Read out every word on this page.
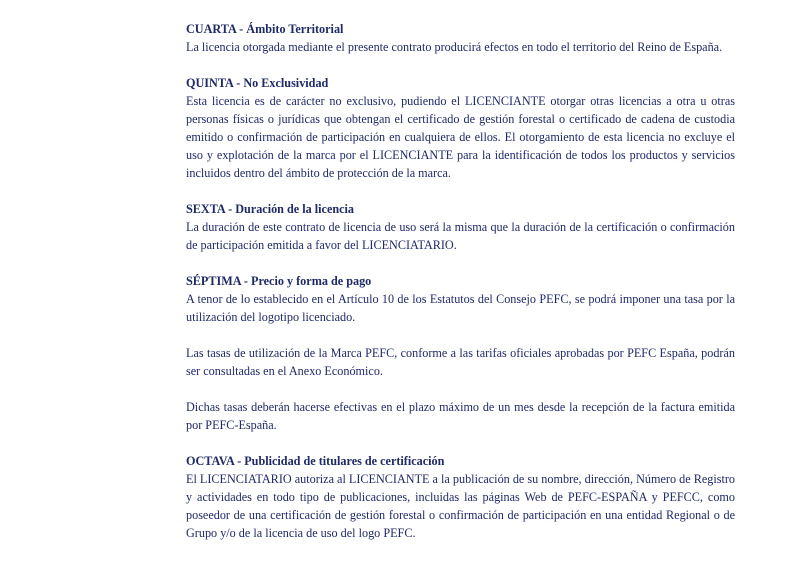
CUARTA - Ámbito Territorial

La licencia otorgada mediante el presente contrato producirá efectos en todo el territorio del Reino de España.

QUINTA - No Exclusividad

Esta licencia es de carácter no exclusivo, pudiendo el LICENCIANTE otorgar otras licencias a otra u otras personas físicas o jurídicas que obtengan el certificado de gestión forestal o certificado de cadena de custodia emitido o confirmación de participación en cualquiera de ellos. El otorgamiento de esta licencia no excluye el uso y explotación de la marca por el LICENCIANTE para la identificación de todos los productos y servicios incluidos dentro del ámbito de protección de la marca.

SEXTA - Duración de la licencia

La duración de este contrato de licencia de uso será la misma que la duración de la certificación o confirmación de participación emitida a favor del LICENCIATARIO.

SÉPTIMA - Precio y forma de pago

A tenor de lo establecido en el Artículo 10 de los Estatutos del Consejo PEFC, se podrá imponer una tasa por la utilización del logotipo licenciado.

Las tasas de utilización de la Marca PEFC, conforme a las tarifas oficiales aprobadas por PEFC España, podrán ser consultadas en el Anexo Económico.

Dichas tasas deberán hacerse efectivas en el plazo máximo de un mes desde la recepción de la factura emitida por PEFC-España.

OCTAVA - Publicidad de titulares de certificación

El LICENCIATARIO autoriza al LICENCIANTE a la publicación de su nombre, dirección, Número de Registro y actividades en todo tipo de publicaciones, incluidas las páginas Web de PEFC-ESPAÑA y PEFCC, como poseedor de una certificación de gestión forestal o confirmación de participación en una entidad Regional o de Grupo y/o de la licencia de uso del logo PEFC.
